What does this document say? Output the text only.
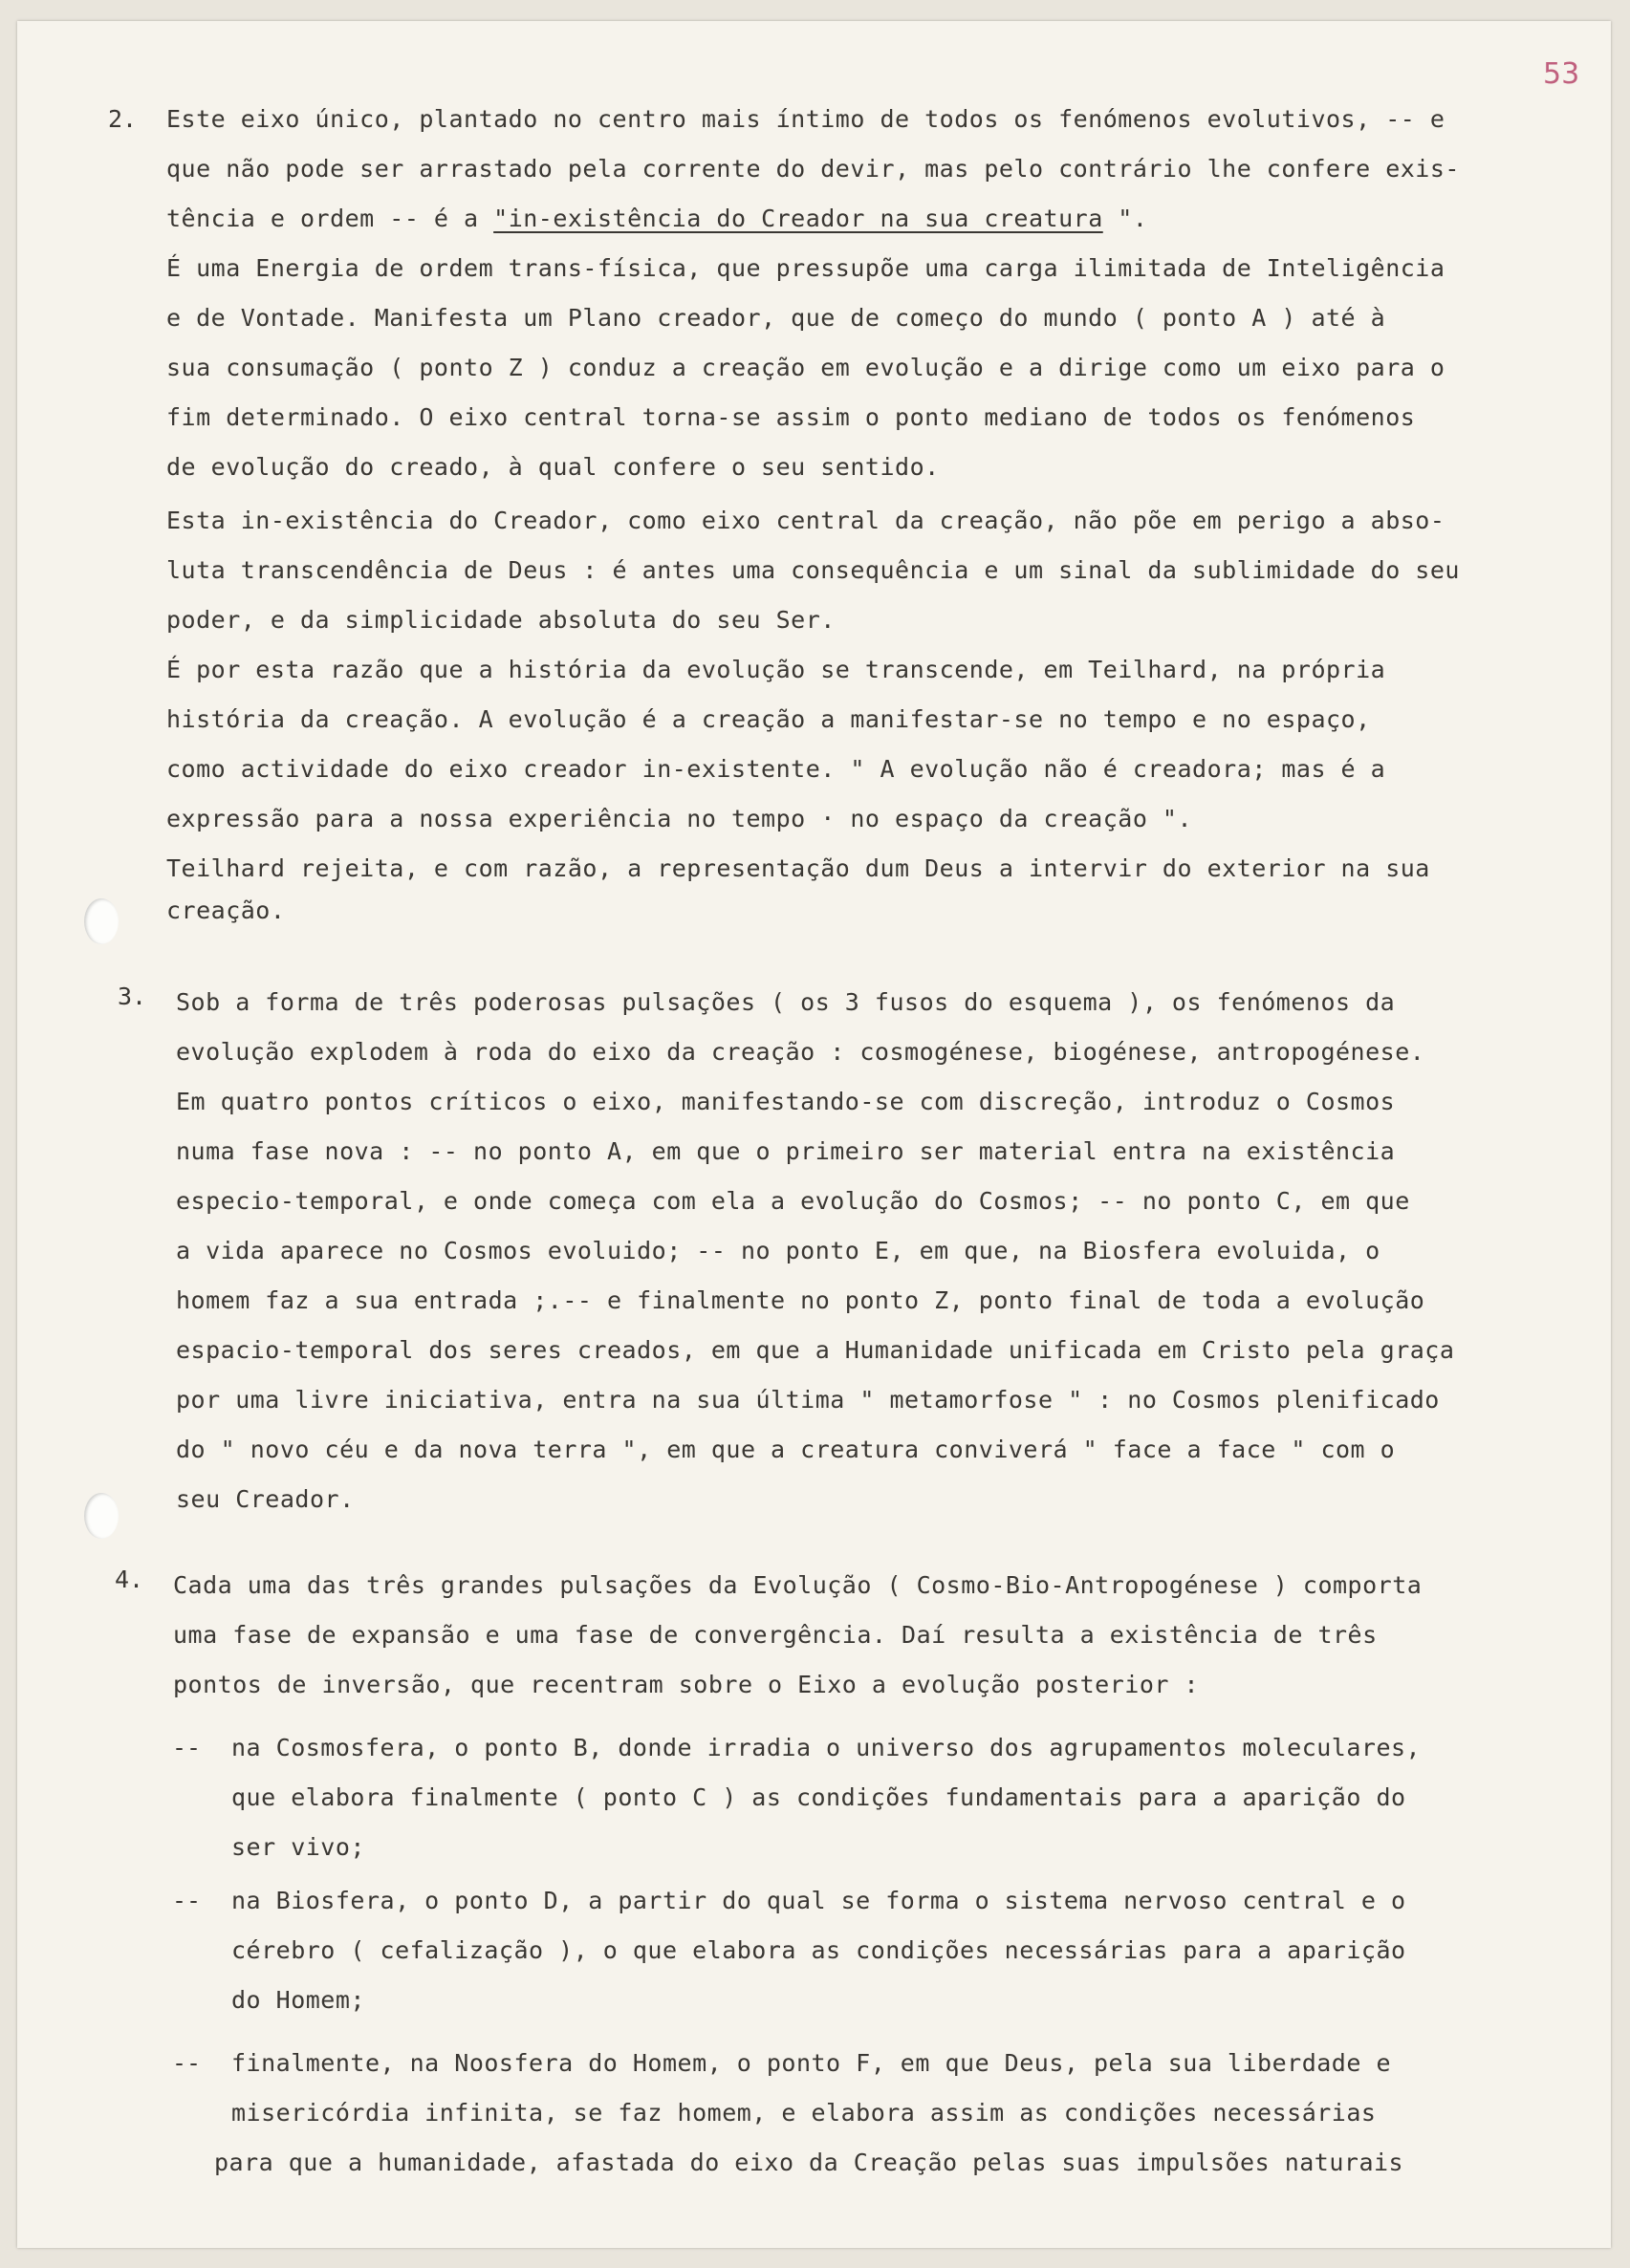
53
2. Este eixo único, plantado no centro mais íntimo de todos os fenómenos evolutivos, -- e
que não pode ser arrastado pela corrente do devir, mas pelo contrário lhe confere exis-
tência e ordem -- é a "in-existência do Creador na sua creatura ".
É uma Energia de ordem trans-física, que pressupõe uma carga ilimitada de Inteligência
e de Vontade. Manifesta um Plano creador, que de começo do mundo ( ponto A ) até à
sua consumação ( ponto Z ) conduz a creação em evolução e a dirige como um eixo para o
fim determinado. O eixo central torna-se assim o ponto mediano de todos os fenómenos
de evolução do creado, à qual confere o seu sentido.
Esta in-existência do Creador, como eixo central da creação, não põe em perigo a abso-
luta transcendência de Deus : é antes uma consequência e um sinal da sublimidade do seu
poder, e da simplicidade absoluta do seu Ser.
É por esta razão que a história da evolução se transcende, em Teilhard, na própria
história da creação. A evolução é a creação a manifestar-se no tempo e no espaço,
como actividade do eixo creador in-existente. " A evolução não é creadora; mas é a
expressão para a nossa experiência no tempo · no espaço da creação ".
Teilhard rejeita, e com razão, a representação dum Deus a intervir do exterior na sua
creação.
3. Sob a forma de três poderosas pulsações ( os 3 fusos do esquema ), os fenómenos da
evolução explodem à roda do eixo da creação : cosmogénese, biogénese, antropogénese.
Em quatro pontos críticos o eixo, manifestando-se com discreção, introduz o Cosmos
numa fase nova : -- no ponto A, em que o primeiro ser material entra na existência
especio-temporal, e onde começa com ela a evolução do Cosmos; -- no ponto C, em que
a vida aparece no Cosmos evoluido; -- no ponto E, em que, na Biosfera evoluida, o
homem faz a sua entrada ;.-- e finalmente no ponto Z, ponto final de toda a evolução
espacio-temporal dos seres creados, em que a Humanidade unificada em Cristo pela graça
por uma livre iniciativa, entra na sua última " metamorfose " : no Cosmos plenificado
do " novo céu e da nova terra ", em que a creatura conviverá " face a face " com o
seu Creador.
4. Cada uma das três grandes pulsações da Evolução ( Cosmo-Bio-Antropogénese ) comporta
uma fase de expansão e uma fase de convergência. Daí resulta a existência de três
pontos de inversão, que recentram sobre o Eixo a evolução posterior :
-- na Cosmosfera, o ponto B, donde irradia o universo dos agrupamentos moleculares,
que elabora finalmente ( ponto C ) as condições fundamentais para a aparição do
ser vivo;
-- na Biosfera, o ponto D, a partir do qual se forma o sistema nervoso central e o
cérebro ( cefalização ), o que elabora as condições necessárias para a aparição
do Homem;
-- finalmente, na Noosfera do Homem, o ponto F, em que Deus, pela sua liberdade e
misericórdia infinita, se faz homem, e elabora assim as condições necessárias
para que a humanidade, afastada do eixo da Creação pelas suas impulsões naturais
